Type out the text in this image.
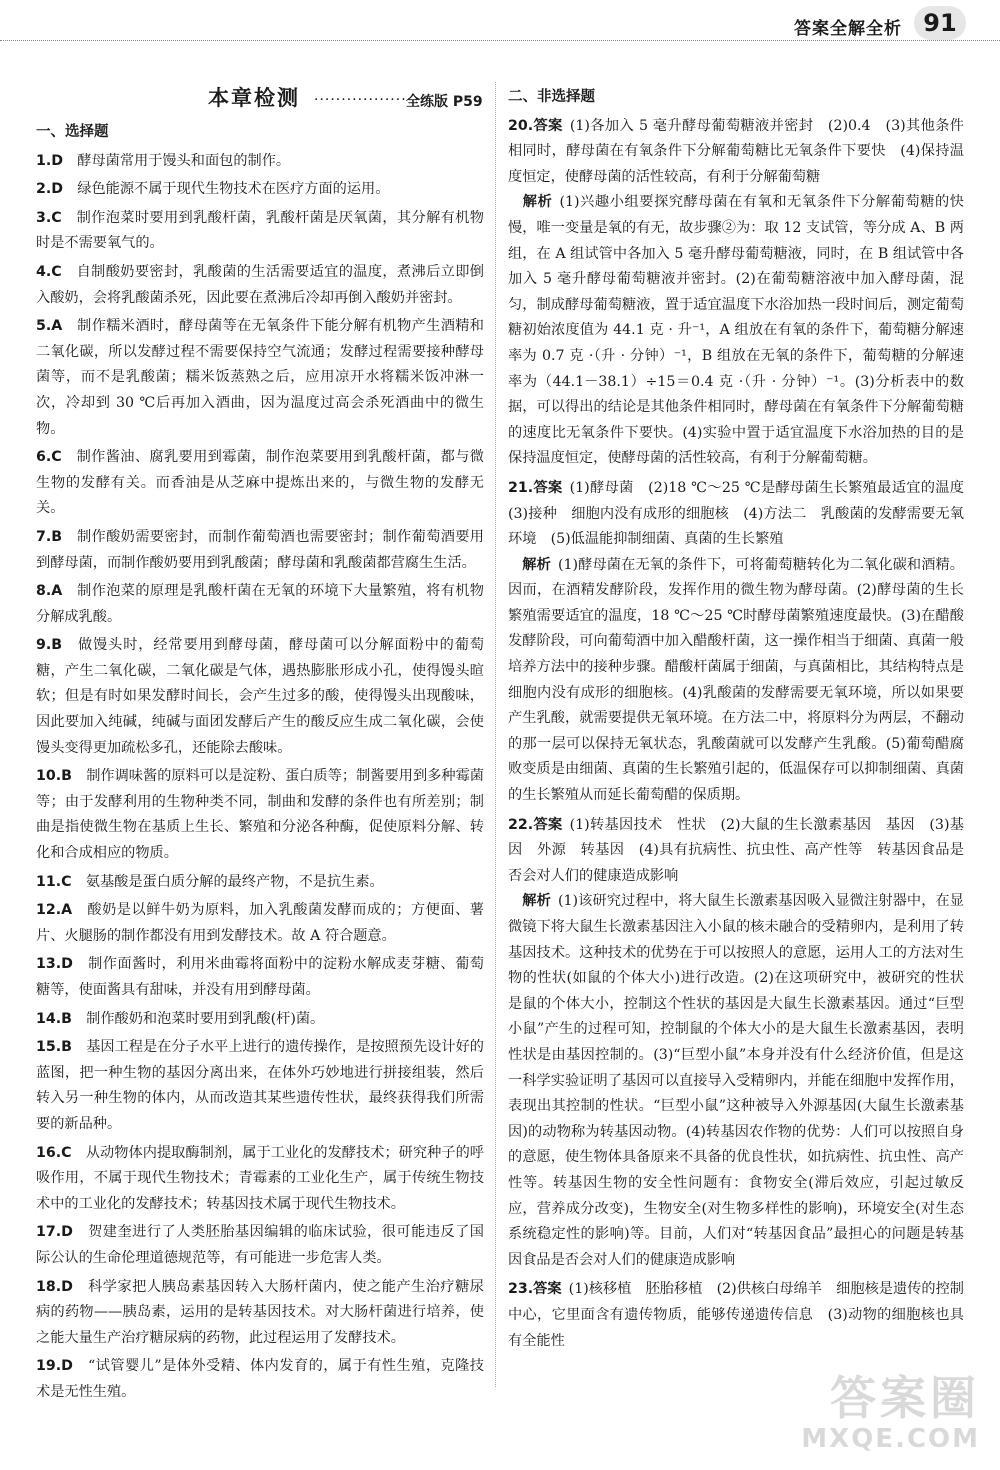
答案全解全析 91
本章检测 ··················
全练版 P59
一、选择题
1.D　 酵母菌常用于馒头和面包的制作。
2.D　 绿色能源不属于现代生物技术在医疗方面的运用。
3.C　 制作泡菜时要用到乳酸杆菌，乳酸杆菌是厌氧菌，其分解有机物时是不需要氧气的。
4.C　 自制酸奶要密封，乳酸菌的生活需要适宜的温度，煮沸后立即倒入酸奶，会将乳酸菌杀死，因此要在煮沸后冷却再倒入酸奶并密封。
5.A　 制作糯米酒时，酵母菌等在无氧条件下能分解有机物产生酒精和二氧化碳，所以发酵过程不需要保持空气流通；发酵过程需要接种酵母菌等，而不是乳酸菌；糯米饭蒸熟之后，应用凉开水将糯米饭冲淋一次，冷却到 30 ℃后再加入酒曲，因为温度过高会杀死酒曲中的微生物。
6.C　 制作酱油、腐乳要用到霉菌，制作泡菜要用到乳酸杆菌，都与微生物的发酵有关。而香油是从芝麻中提炼出来的，与微生物的发酵无关。
7.B　 制作酸奶需要密封，而制作葡萄酒也需要密封；制作葡萄酒要用到酵母菌，而制作酸奶要用到乳酸菌；酵母菌和乳酸菌都营腐生生活。
8.A　 制作泡菜的原理是乳酸杆菌在无氧的环境下大量繁殖，将有机物分解成乳酸。
9.B　 做馒头时，经常要用到酵母菌，酵母菌可以分解面粉中的葡萄糖，产生二氧化碳，二氧化碳是气体，遇热膨胀形成小孔，使得馒头暄软；但是有时如果发酵时间长，会产生过多的酸，使得馒头出现酸味，因此要加入纯碱，纯碱与面团发酵后产生的酸反应生成二氧化碳，会使馒头变得更加疏松多孔，还能除去酸味。
10.B　 制作调味酱的原料可以是淀粉、蛋白质等；制酱要用到多种霉菌等；由于发酵利用的生物种类不同，制曲和发酵的条件也有所差别；制曲是指使微生物在基质上生长、繁殖和分泌各种酶，促使原料分解、转化和合成相应的物质。
11.C　 氨基酸是蛋白质分解的最终产物，不是抗生素。
12.A　 酸奶是以鲜牛奶为原料，加入乳酸菌发酵而成的；方便面、薯片、火腿肠的制作都没有用到发酵技术。故 A 符合题意。
13.D　 制作面酱时，利用米曲霉将面粉中的淀粉水解成麦芽糖、葡萄糖等，使面酱具有甜味，并没有用到酵母菌。
14.B　 制作酸奶和泡菜时要用到乳酸(杆)菌。
15.B　 基因工程是在分子水平上进行的遗传操作，是按照预先设计好的蓝图，把一种生物的基因分离出来，在体外巧妙地进行拼接组装，然后转入另一种生物的体内，从而改造其某些遗传性状，最终获得我们所需要的新品种。
16.C　 从动物体内提取酶制剂，属于工业化的发酵技术；研究种子的呼吸作用，不属于现代生物技术；青霉素的工业化生产，属于传统生物技术中的工业化的发酵技术；转基因技术属于现代生物技术。
17.D　 贺建奎进行了人类胚胎基因编辑的临床试验，很可能违反了国际公认的生命伦理道德规范等，有可能进一步危害人类。
18.D　 科学家把人胰岛素基因转入大肠杆菌内，使之能产生治疗糖尿病的药物——胰岛素，运用的是转基因技术。对大肠杆菌进行培养，使之能大量生产治疗糖尿病的药物，此过程运用了发酵技术。
19.D　 “试管婴儿”是体外受精、体内发育的，属于有性生殖，克隆技术是无性生殖。
二、非选择题
20.答案  (1)各加入 5 毫升酵母葡萄糖液并密封　(2)0.4　(3)其他条件相同时，酵母菌在有氧条件下分解葡萄糖比无氧条件下要快　(4)保持温度恒定，使酵母菌的活性较高，有利于分解葡萄糖
 解析  (1)兴趣小组要探究酵母菌在有氧和无氧条件下分解葡萄糖的快慢，唯一变量是氧的有无，故步骤②为：取 12 支试管，等分成 A、B 两组，在 A 组试管中各加入 5 毫升酵母葡萄糖液，同时，在 B 组试管中各加入 5 毫升酵母葡萄糖液并密封。(2)在葡萄糖溶液中加入酵母菌，混匀，制成酵母葡萄糖液，置于适宜温度下水浴加热一段时间后，测定葡萄糖初始浓度值为 44.1 克 · 升⁻¹，A 组放在有氧的条件下，葡萄糖分解速率为 0.7 克 ·（升 · 分钟）⁻¹，B 组放在无氧的条件下，葡萄糖的分解速率为（44.1－38.1）÷15＝0.4 克 ·（升 · 分钟）⁻¹。(3)分析表中的数据，可以得出的结论是其他条件相同时，酵母菌在有氧条件下分解葡萄糖的速度比无氧条件下要快。(4)实验中置于适宜温度下水浴加热的目的是保持温度恒定，使酵母菌的活性较高，有利于分解葡萄糖。
21.答案  (1)酵母菌　(2)18 ℃～25 ℃是酵母菌生长繁殖最适宜的温度　(3)接种　细胞内没有成形的细胞核　(4)方法二　乳酸菌的发酵需要无氧环境　(5)低温能抑制细菌、真菌的生长繁殖
 解析  (1)酵母菌在无氧的条件下，可将葡萄糖转化为二氧化碳和酒精。因而，在酒精发酵阶段，发挥作用的微生物为酵母菌。(2)酵母菌的生长繁殖需要适宜的温度，18 ℃～25 ℃时酵母菌繁殖速度最快。(3)在醋酸发酵阶段，可向葡萄酒中加入醋酸杆菌，这一操作相当于细菌、真菌一般培养方法中的接种步骤。醋酸杆菌属于细菌，与真菌相比，其结构特点是细胞内没有成形的细胞核。(4)乳酸菌的发酵需要无氧环境，所以如果要产生乳酸，就需要提供无氧环境。在方法二中，将原料分为两层，不翻动的那一层可以保持无氧状态，乳酸菌就可以发酵产生乳酸。(5)葡萄醋腐败变质是由细菌、真菌的生长繁殖引起的，低温保存可以抑制细菌、真菌的生长繁殖从而延长葡萄醋的保质期。
22.答案  (1)转基因技术　性状　(2)大鼠的生长激素基因　基因　(3)基因　外源　转基因　(4)具有抗病性、抗虫性、高产性等　转基因食品是否会对人们的健康造成影响
 解析  (1)该研究过程中，将大鼠生长激素基因吸入显微注射器中，在显微镜下将大鼠生长激素基因注入小鼠的核未融合的受精卵内，是利用了转基因技术。这种技术的优势在于可以按照人的意愿，运用人工的方法对生物的性状(如鼠的个体大小)进行改造。(2)在这项研究中，被研究的性状是鼠的个体大小，控制这个性状的基因是大鼠生长激素基因。通过“巨型小鼠”产生的过程可知，控制鼠的个体大小的是大鼠生长激素基因，表明性状是由基因控制的。(3)“巨型小鼠”本身并没有什么经济价值，但是这一科学实验证明了基因可以直接导入受精卵内，并能在细胞中发挥作用，表现出其控制的性状。“巨型小鼠”这种被导入外源基因(大鼠生长激素基因)的动物称为转基因动物。(4)转基因农作物的优势：人们可以按照自身的意愿，使生物体具备原来不具备的优良性状，如抗病性、抗虫性、高产性等。转基因生物的安全性问题有：食物安全(滞后效应，引起过敏反应，营养成分改变)，生物安全(对生物多样性的影响)，环境安全(对生态系统稳定性的影响)等。目前，人们对“转基因食品”最担心的问题是转基因食品是否会对人们的健康造成影响
23.答案  (1)核移植　胚胎移植　(2)供核白母绵羊　细胞核是遗传的控制中心，它里面含有遗传物质，能够传递遗传信息　(3)动物的细胞核也具有全能性
答案圈
MXQE.COM
